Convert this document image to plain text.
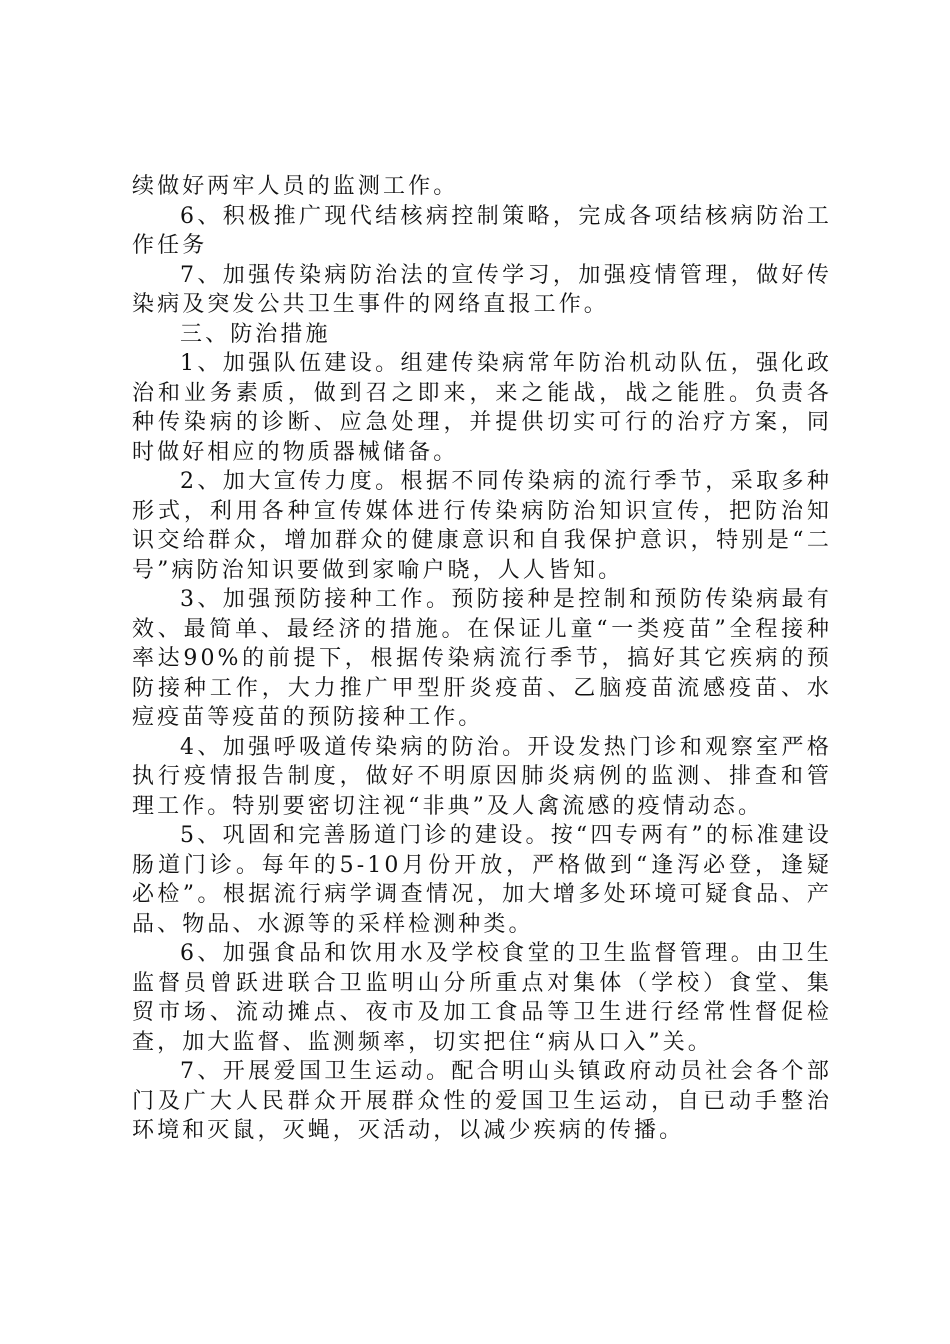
续做好两牢人员的监测工作。

6、积极推广现代结核病控制策略，完成各项结核病防治工作任务

7、加强传染病防治法的宣传学习，加强疫情管理，做好传染病及突发公共卫生事件的网络直报工作。

三、防治措施

1、加强队伍建设。组建传染病常年防治机动队伍，强化政治和业务素质，做到召之即来，来之能战，战之能胜。负责各种传染病的诊断、应急处理，并提供切实可行的治疗方案，同时做好相应的物质器械储备。

2、加大宣传力度。根据不同传染病的流行季节，采取多种形式，利用各种宣传媒体进行传染病防治知识宣传，把防治知识交给群众，增加群众的健康意识和自我保护意识，特别是“二号”病防治知识要做到家喻户晓，人人皆知。

3、加强预防接种工作。预防接种是控制和预防传染病最有效、最简单、最经济的措施。在保证儿童“一类疫苗”全程接种率达90%的前提下，根据传染病流行季节，搞好其它疾病的预防接种工作，大力推广甲型肝炎疫苗、乙脑疫苗流感疫苗、水痘疫苗等疫苗的预防接种工作。

4、加强呼吸道传染病的防治。开设发热门诊和观察室严格执行疫情报告制度，做好不明原因肺炎病例的监测、排查和管理工作。特别要密切注视“非典”及人禽流感的疫情动态。

5、巩固和完善肠道门诊的建设。按“四专两有”的标准建设肠道门诊。每年的5-10月份开放，严格做到“逢泻必登，逢疑必检”。根据流行病学调查情况，加大增多处环境可疑食品、产品、物品、水源等的采样检测种类。

6、加强食品和饮用水及学校食堂的卫生监督管理。由卫生监督员曾跃进联合卫监明山分所重点对集体（学校）食堂、集贸市场、流动摊点、夜市及加工食品等卫生进行经常性督促检查，加大监督、监测频率，切实把住“病从口入”关。

7、开展爱国卫生运动。配合明山头镇政府动员社会各个部门及广大人民群众开展群众性的爱国卫生运动，自已动手整治环境和灭鼠，灭蝇，灭活动，以减少疾病的传播。
